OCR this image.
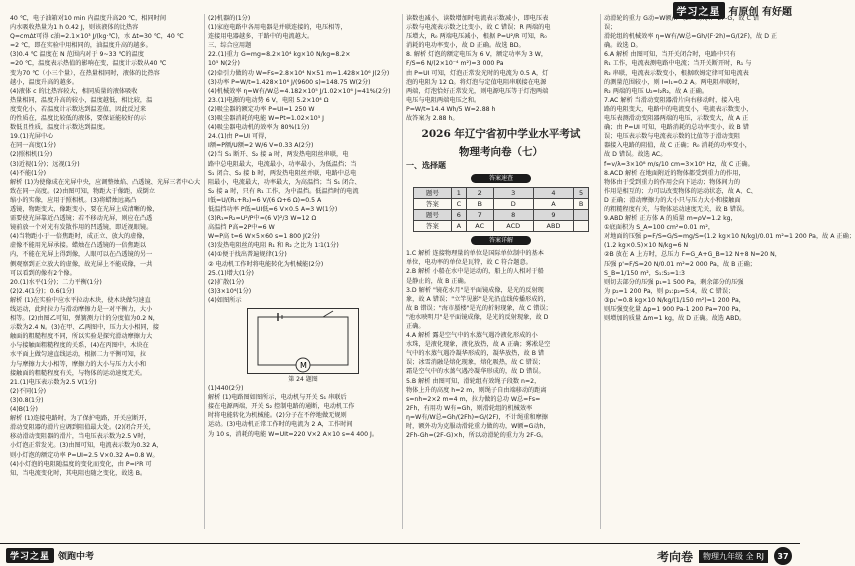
学习之星 有原创 有好题
40 ℃，电子油箱对10 min 内温度升高20 ℃，相同时间
内水吸收热量为1 h 0.42 J，则该液体的比热容
Q=cmΔt可得 c油=2.1×10³ J/(kg·℃)，水 Δt=30 ℃，40 ℃
=2 ℃，即在实验中用相同的，油温度升高的越多。
(3)0.4 ℃ 温度在 N 范围内对于 9~33 ℃的温度
=20 ℃，温度表示热值的影响在变，温度计示数从40 ℃
变为70 ℃（小三个量），在热量相同时，液体的比热容
越小，温度升高的越多。
(4)液体 c 的比热容较大，相同质量的液体吸收
热量相同，温度升高的较小，温度越低，相比较，温
度变化小，若温度计示数达到温差值，因此反过来
的性质在，温度比较低的液体，要保证能较好的示
数低且性质，温度计示数达到温度。
19.(1)光屏中心
在同一高度(1分)
(2)照相机(1分)
(3)近视(1分)；远视(1分)
(4)不能(1分)
解析 (1)为使像成在光屏中央，应调整烛焰、凸透镜、光屏三者中心大
致在同一高度。(2)由图可知，物距大于像距，成倒立
缩小的实像，应用于照相机。(3)将蜡烛远离凸
透镜，物距变大，像距变小，要在光屏上成清晰的像，
需要使光屏靠近凸透镜；若不移动光屏，则应在凸透
镜前放一个对光有发散作用的凹透镜，即近视眼镜。
(4)当物距小于一倍焦距时，成正立、放大的虚像，
虚像不能用光屏承接。蜡烛在凸透镜的一倍焦距以
内，不能在光屏上得到像，人眼可以在凸透镜的另一
侧观察到正立放大的虚像，故光屏上不能成像，一共
可以看到的像有2个像。
20.(1)水平(1分)；二力平衡(1分)
(2)2.4(1分)；0.6(1分)
解析 (1)在实验中应水平拉动木块，使木块做匀速直
线运动，此时拉力与滑动摩擦力是一对平衡力，大小
相等。(2)由图乙可知，弹簧测力计的分度值为0.2 N，
示数为2.4 N。(3)在甲、乙两图中，压力大小相同，接
触面的粗糙程度不同，所以实验是探究滑动摩擦力大
小与接触面粗糙程度的关系，(4)在丙图中，木块在
水平面上做匀速直线运动，根据二力平衡可知，拉
力与摩擦力大小相等，摩擦力的大小与压力大小和
接触面的粗糙程度有关，与物体的运动速度无关。
21.(1)电压表示数为2.5 V(1分)
(2)不同(1分)
(3)0.8(1分)
(4)B(1分)
解析 (1)连接电路时，为了保护电路，开关应断开，
滑动变阻器的滑片应调到阻值最大处。(2)闭合开关，
移动滑动变阻器的滑片，当电压表示数为2.5 V时，
小灯泡正常发光。(3)由图可知，电流表示数为0.32 A，
则小灯泡的额定功率 P=UI=2.5 V×0.32 A=0.8 W。
(4)小灯泡的电阻随温度的变化而变化，由 P=I²R 可
知，当电流变化时，其电阻也随之变化，故选 B。
(2)机器的(1分)
(1)家庭电路中各用电器是并联连接的，电压相等，
连接用电器越多，干路中的电流越大。
三、综合应用题
22.(1)重力 G=mg=8.2×10⁴ kg×10 N/kg=8.2×
10⁵ N(2分)
(2)牵引力做的功 W=Fs=2.8×10⁴ N×51 m=1.428×10⁶ J(2分)
(3)功率 P=W/t=1.428×10⁶ J/(9600 s)≈148.75 W(2分)
(4)机械效率 η=W有/W总=4.182×10⁵ J/1.02×10⁶ J≈41%(2分)
23.(1)电源的电动势 6 V，电阻 5.2×10⁴ Ω
(2)吸尘器的额定功率 P=UI=1 250 W
(3)吸尘器消耗的电能 W=Pt=1.02×10⁵ J
(4)吸尘器电动机的效率为 80%(1分)
24.(1)由 P=UI 可得，
I额=P额/U额=2 W/6 V≈0.33 A(2分)
(2)当 S₁ 断开、S₂ 接 a 时，两发热电阻丝串联，电
路中总电阻最大，电流最小，功率最小，为低温挡；当
S₁ 闭合、S₂ 接 b 时，两发热电阻丝并联，电路中总电
阻最小，电流最大，功率最大，为高温挡；当 S₁ 闭合、
S₂ 接 a 时，只有 R₁ 工作，为中温挡。低温挡时的电流
I低=U/(R₁+R₂)=6 V/(6 Ω+6 Ω)=0.5 A
低温挡功率 P低=UI低=6 V×0.5 A=3 W(1分)
(3)R₁=R₂=U²/P中=(6 V)²/3 W=12 Ω
高温挡 P高=2P中=6 W
W=P高 t=6 W×5×60 s=1 800 J(2分)
(3)发热电阻丝的电阻 R₁ 和 R₂ 之比为 1∶1(1分)
(4)①便于找出普遍规律(1分)
② 电动机工作时将电能转化为机械能(2分)
25.(1)增大(1分)
(2)扩散(1分)
(3)3×10⁴(1分)
(4)如图所示
M
第 24 题图
(1)440(2分)
解析 (1)电路图如图所示，电动机与开关 S₁ 串联后
接在电源两端，开关 S₂ 控制电路的通断，电动机工作
时将电能转化为机械能。(2)分子在不停地做无规则
运动。(3)电动机正常工作时的电流为 2 A，工作时间
为 10 s，消耗的电能 W=UIt=220 V×2 A×10 s=4 400 J。
读数也减小，读数增加时电流表示数减小，即电压表
示数与电流表示数之比变小，故 C 错误；R 两端的电
压增大，R₀ 两端电压减小，根据 P=U²/R 可知，R₀
消耗的电功率变小，故 D 正确。故选 BD。
8. 解析 灯泡的额定电压为 6 V，额定功率为 3 W，
F/S=6 N/(2×10⁻⁴ m²)=3 000 Pa
由 P=UI 可知，灯泡正常发光时的电流为 0.5 A，灯
泡的电阻为 12 Ω。将灯泡与定值电阻串联接在电源
两端，灯泡恰好正常发光，则电源电压等于灯泡两端
电压与电阻两端电压之和。
P=W/t=14.4 Wh/5 W=2.88 h
故答案为 2.88 h。
2026 年辽宁省初中学业水平考试
物理考向卷（七）
一、选择题
答案速查
题号	1	2	3	4	5
答案	C	B	D	A	B
题号	6	7	8	9	
答案	A	AC	ACD	ABD	
答案详解
1.C 解析 连接物理量的单位是国际单位制中的基本
单位，电功率的单位是瓦特，故 C 符合题意。
2.B 解析 小船在水中是运动的，船上的人相对于船
是静止的，故 B 正确。
3.D 解析 "镜花水月"是平面镜成像，是光的反射现
象，故 A 错误；"立竿见影"是光沿直线传播形成的，
故 B 错误；"海市蜃楼"是光的折射现象，故 C 错误；
"池水映明月"是平面镜成像，是光的反射现象，故 D
正确。
4.A 解析 露是空气中的水蒸气遇冷液化形成的小
水珠，是液化现象，液化放热，故 A 正确；雾凇是空
气中的水蒸气遇冷凝华形成的，凝华放热，故 B 错
误；冰雪消融是熔化现象，熔化吸热，故 C 错误；
霜是空气中的水蒸气遇冷凝华形成的，故 D 错误。
5.B 解析 由图可知，滑轮组有效绳子段数 n=2，
物体上升的高度 h=2 m，则绳子自由端移动的距离
s=nh=2×2 m=4 m，拉力做的总功 W总=Fs=
2Fh，有用功 W有=Gh，则滑轮组的机械效率
η=W有/W总=Gh/(2Fh)=G/(2F)，不计绳重和摩擦
时，额外功为克服动滑轮重力做的功，W额=G动h，
2Fh-Gh=(2F-G)×h，所以动滑轮的重力为 2F-G。
动滑轮的重力 G动=W额/h=(2F-G)h/h=2F-G，故 C 错
误；
滑轮组的机械效率 η=W有/W总=Gh/(F·2h)=G/(2F)，故 D 正
确。故选 D。
6.A 解析 由图可知，当开关闭合时，电路中只有
R₁ 工作，电流表测电路中电流；当开关断开时，R₁ 与
R₂ 串联，电流表示数变小，根据欧姆定律可知电流表
的测量范围较小，则 I=I₁=0.2 A。两电阻串联时，
R₂ 两端的电压 U₂=I₂R₂，故 A 正确。
7.AC 解析 当滑动变阻器滑片向右移动时，接入电
路的电阻变大，电路中的电流变小，电流表示数变小，
电压表测滑动变阻器两端的电压，示数变大，故 A 正
确；由 P=UI 可知，电路消耗的总功率变小，故 B 错
误；电压表示数与电流表示数的比值等于滑动变阻
器接入电路的阻值，故 C 正确；R₀ 消耗的功率变小，
故 D 错误。故选 AC。
f=v/λ=3×10⁸ m/s/10 cm=3×10⁹ Hz，故 C 正确。
8.ACD 解析 在地面附近的物体都受到重力的作用，
物体由于受到重力的作用会向下运动；物体间力的
作用是相互的；力可以改变物体的运动状态，故 A、C、
D 正确；滑动摩擦力的大小只与压力大小和接触面
的粗糙程度有关，与物体运动速度无关，故 B 错误。
9.ABD 解析 正方体 A 的质量 m=ρV=1.2 kg，
①底面积为 S_A=100 cm²=0.01 m²，
对地面的压强 p=F/S=G/S=mg/S=(1.2 kg×10 N/kg)/0.01 m²=1 200 Pa，故 A 正确；
(1.2 kg×0.5)×10 N/kg=6 N
②B 放在 A 上方时，总压力 F=G_A+G_B=12 N+8 N=20 N，
压强 p'=F/S=20 N/0.01 m²=2 000 Pa，故 B 正确；
S_B=1/150 m²，S₁:S₂=1:3
则切去部分的压强 p₁=1 500 Pa，剩余部分的压强
为 p₂=1 200 Pa，则 p₁:p₂=5:4，故 C 错误；
③p₁'=0.8 kg×10 N/kg/(1/150 m²)=1 200 Pa，
则压强变化量 Δp=1 900 Pa-1 200 Pa=700 Pa，
则增加的质量 Δm=1 kg，故 D 正确。故选 ABD。
学习之星 领跑中考	考向卷	物理九年级 全 RJ	37
